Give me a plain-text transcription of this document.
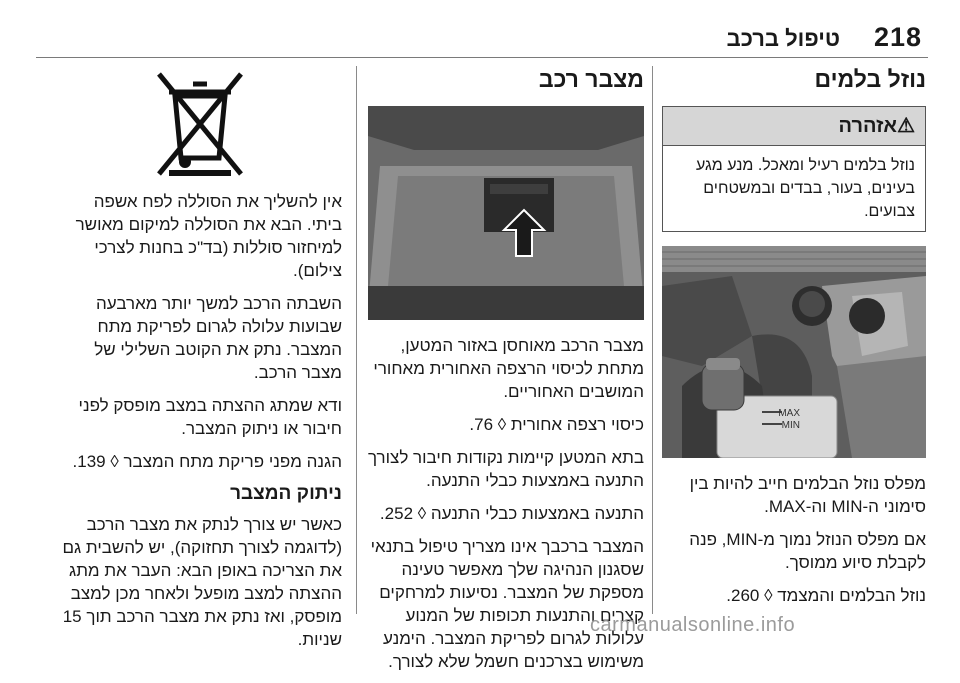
218
טיפול ברכב
נוזל בלמים
⚠אזהרה
נוזל בלמים רעיל ומאכל. מנע מגע בעינים, בעור, בבדים ובמשטחים צבועים.
MAX
MIN

מפלס נוזל הבלמים חייב להיות בין סימוני ה-MIN וה-MAX.

אם מפלס הנוזל נמוך מ-MIN, פנה לקבלת סיוע ממוסך.

נוזל הבלמים והמצמד ◊ 260.

מצבר רכב

מצבר הרכב מאוחסן באזור המטען, מתחת לכיסוי הרצפה האחורית מאחורי המושבים האחוריים.

כיסוי רצפה אחורית ◊ 76.

בתא המטען קיימות נקודות חיבור לצורך התנעה באמצעות כבלי התנעה.

התנעה באמצעות כבלי התנעה ◊ 252.

המצבר ברכבך אינו מצריך טיפול בתנאי שסגנון הנהיגה שלך מאפשר טעינה מספקת של המצבר. נסיעות למרחקים קצרים והתנעות תכופות של המנוע עלולות לגרום לפריקת המצבר. הימנע משימוש בצרכנים חשמל שלא לצורך.

אין להשליך את הסוללה לפח אשפה ביתי. הבא את הסוללה למיקום מאושר למיחזור סוללות (בד"כ בחנות לצרכי צילום).

השבתה הרכב למשך יותר מארבעה שבועות עלולה לגרום לפריקת מתח המצבר. נתק את הקוטב השלילי של מצבר הרכב.

ודא שמתג ההצתה במצב מופסק לפני חיבור או ניתוק המצבר.

הגנה מפני פריקת מתח המצבר ◊ 139.

ניתוק המצבר

כאשר יש צורך לנתק את מצבר הרכב (לדוגמה לצורך תחזוקה), יש להשבית גם את הצריכה באופן הבא: העבר את מתג ההצתה למצב מופעל ולאחר מכן למצב מופסק, ואז נתק את מצבר הרכב תוך 15 שניות.

carmanualsonline.info
